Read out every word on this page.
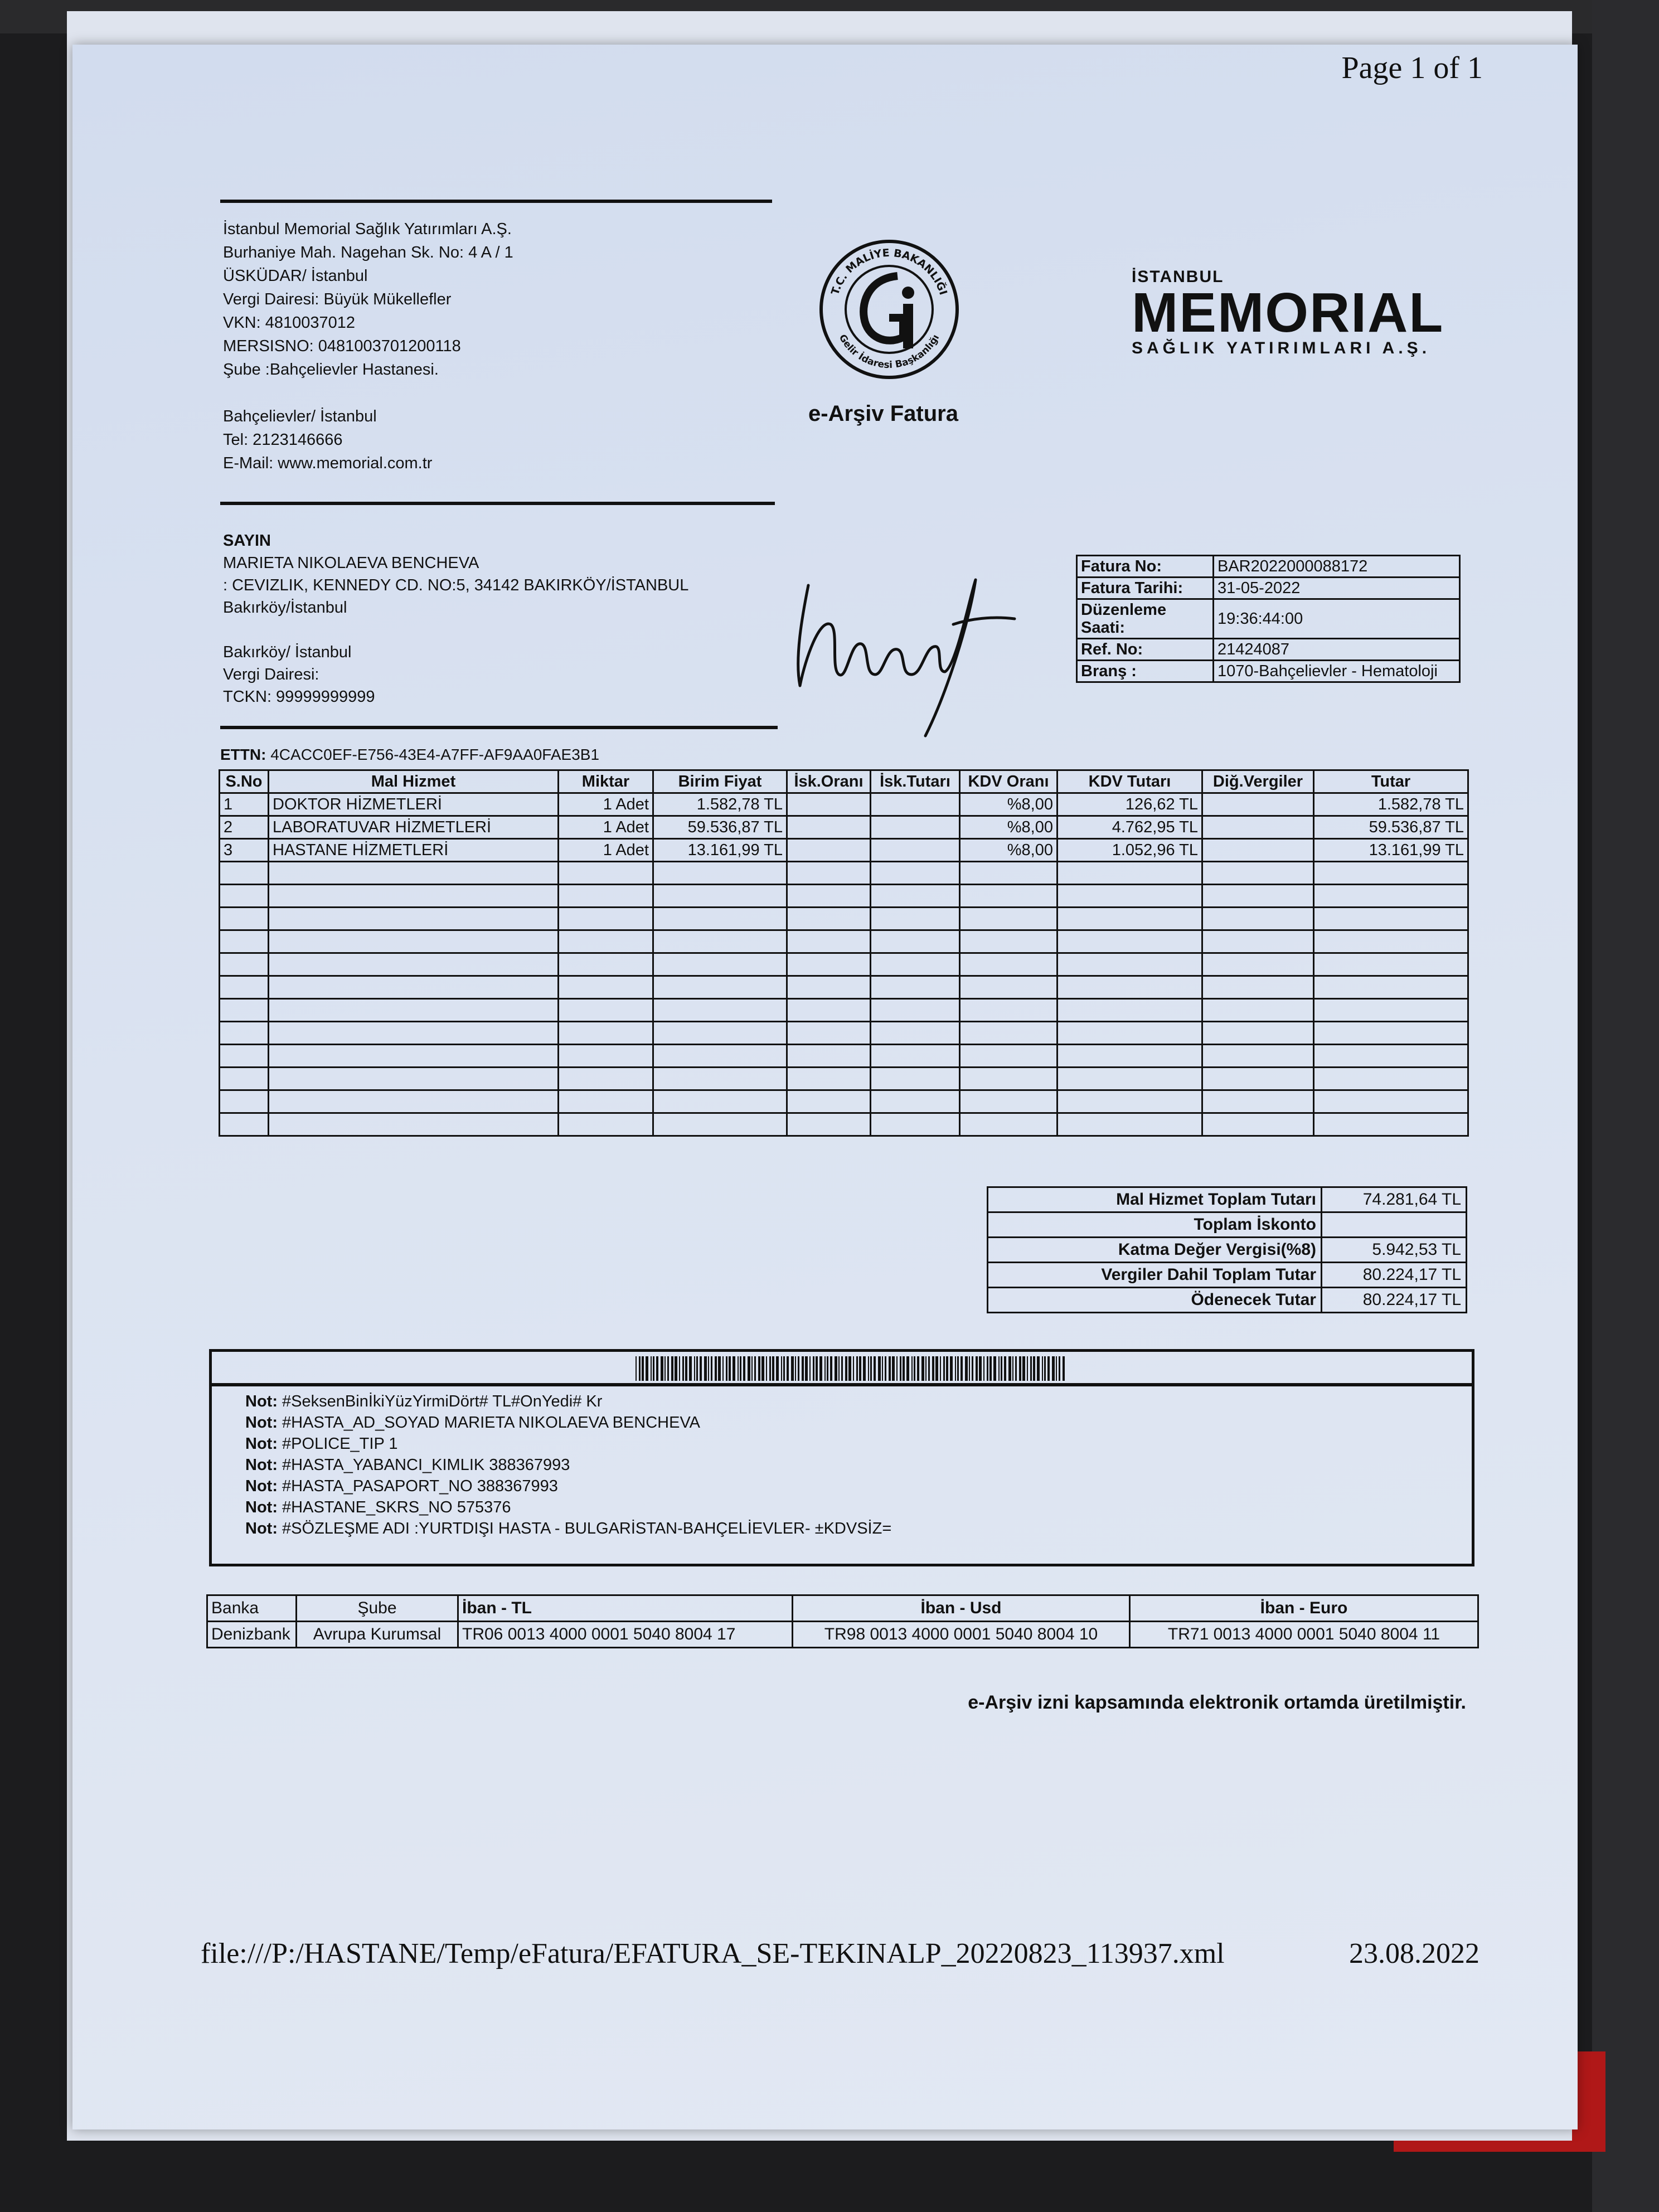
Page 1 of 1
İstanbul Memorial Sağlık Yatırımları A.Ş.
Burhaniye Mah. Nagehan Sk. No: 4 A / 1
ÜSKÜDAR/ İstanbul
Vergi Dairesi: Büyük Mükellefler
VKN: 4810037012
MERSISNO: 0481003701200118
Şube :Bahçelievler Hastanesi.

Bahçelievler/ İstanbul
Tel: 2123146666
E-Mail: www.memorial.com.tr
T.C. MALİYE BAKANLIĞI
Gelir İdaresi Başkanlığı
e-Arşiv Fatura
İSTANBUL
MEMORIAL
SAĞLIK YATIRIMLARI A.Ş.
SAYIN
MARIETA NIKOLAEVA BENCHEVA
: CEVIZLIK, KENNEDY CD. NO:5, 34142 BAKIRKÖY/İSTANBUL
Bakırköy/İstanbul

Bakırköy/ İstanbul
Vergi Dairesi:
TCKN: 99999999999
Fatura No:	BAR2022000088172
Fatura Tarihi:	31-05-2022
Düzenleme Saati:	19:36:44:00
Ref. No:	21424087
Branş :	1070-Bahçelievler - Hematoloji
ETTN: 4CACC0EF-E756-43E4-A7FF-AF9AA0FAE3B1
S.No	Mal Hizmet	Miktar	Birim Fiyat	İsk.Oranı	İsk.Tutarı	KDV Oranı	KDV Tutarı	Diğ.Vergiler	Tutar
1	DOKTOR HİZMETLERİ	1 Adet	1.582,78 TL			%8,00	126,62 TL		1.582,78 TL
2	LABORATUVAR HİZMETLERİ	1 Adet	59.536,87 TL			%8,00	4.762,95 TL		59.536,87 TL
3	HASTANE HİZMETLERİ	1 Adet	13.161,99 TL			%8,00	1.052,96 TL		13.161,99 TL

Mal Hizmet Toplam Tutarı	74.281,64 TL
Toplam İskonto	
Katma Değer Vergisi(%8)	5.942,53 TL
Vergiler Dahil Toplam Tutar	80.224,17 TL
Ödenecek Tutar	80.224,17 TL
Not: #SeksenBinİkiYüzYirmiDört# TL#OnYedi# Kr
Not: #HASTA_AD_SOYAD MARIETA NIKOLAEVA BENCHEVA
Not: #POLICE_TIP 1
Not: #HASTA_YABANCI_KIMLIK 388367993
Not: #HASTA_PASAPORT_NO 388367993
Not: #HASTANE_SKRS_NO 575376
Not: #SÖZLEŞME ADI :YURTDIŞI HASTA - BULGARİSTAN-BAHÇELİEVLER- ±KDVSİZ=
Banka	Şube	İban - TL	İban - Usd	İban - Euro
Denizbank	Avrupa Kurumsal	TR06 0013 4000 0001 5040 8004 17	TR98 0013 4000 0001 5040 8004 10	TR71 0013 4000 0001 5040 8004 11
e-Arşiv izni kapsamında elektronik ortamda üretilmiştir.
file:///P:/HASTANE/Temp/eFatura/EFATURA_SE-TEKINALP_20220823_113937.xml	23.08.2022
